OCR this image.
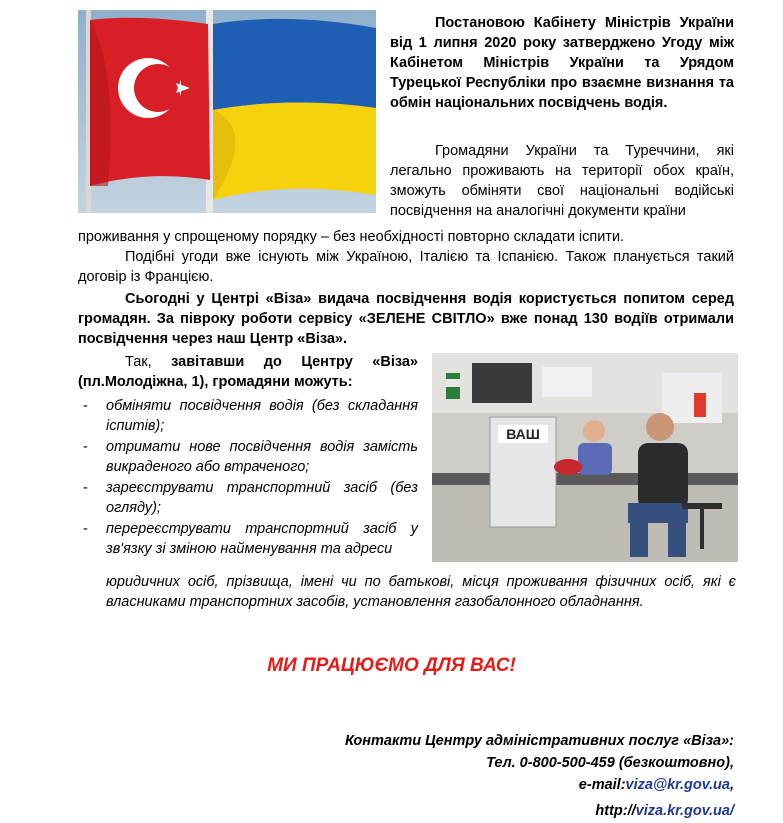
Постановою Кабінету Міністрів України від 1 липня 2020 року затверджено Угоду між Кабінетом Міністрів України та Урядом Турецької Республіки про взаємне визнання та обмін національних посвідчень водія.

Громадяни України та Туреччини, які легально проживають на території обох країн, зможуть обміняти свої національні водійські посвідчення на аналогічні документи країни

проживання у спрощеному порядку – без необхідності повторно складати іспити.

Подібні угоди вже існують між Україною, Італією та Іспанією. Також планується такий договір із Францією.

Сьогодні у Центрі «Віза» видача посвідчення водія користується попитом серед громадян. За півроку роботи сервісу «ЗЕЛЕНЕ СВІТЛО» вже понад 130 водіїв отримали посвідчення через наш Центр «Віза».

ВАШ

Так, завітавши до Центру «Віза» (пл.Молодіжна, 1), громадяни можуть:

- обміняти посвідчення водія (без складання іспитів);
- отримати нове посвідчення водія замість викраденого або втраченого;
- зареєструвати транспортний засіб (без огляду);
- перереєструвати транспортний засіб у зв'язку зі зміною найменування та адреси

юридичних осіб, прізвища, імені чи по батькові, місця проживання фізичних осіб, які є власниками транспортних засобів, установлення газобалонного обладнання.

МИ ПРАЦЮЄМО ДЛЯ ВАС!

Контакти Центру адміністративних послуг «Віза»:

Тел. 0-800-500-459 (безкоштовно),

e-mail:viza@kr.gov.ua,

http://viza.kr.gov.ua/
